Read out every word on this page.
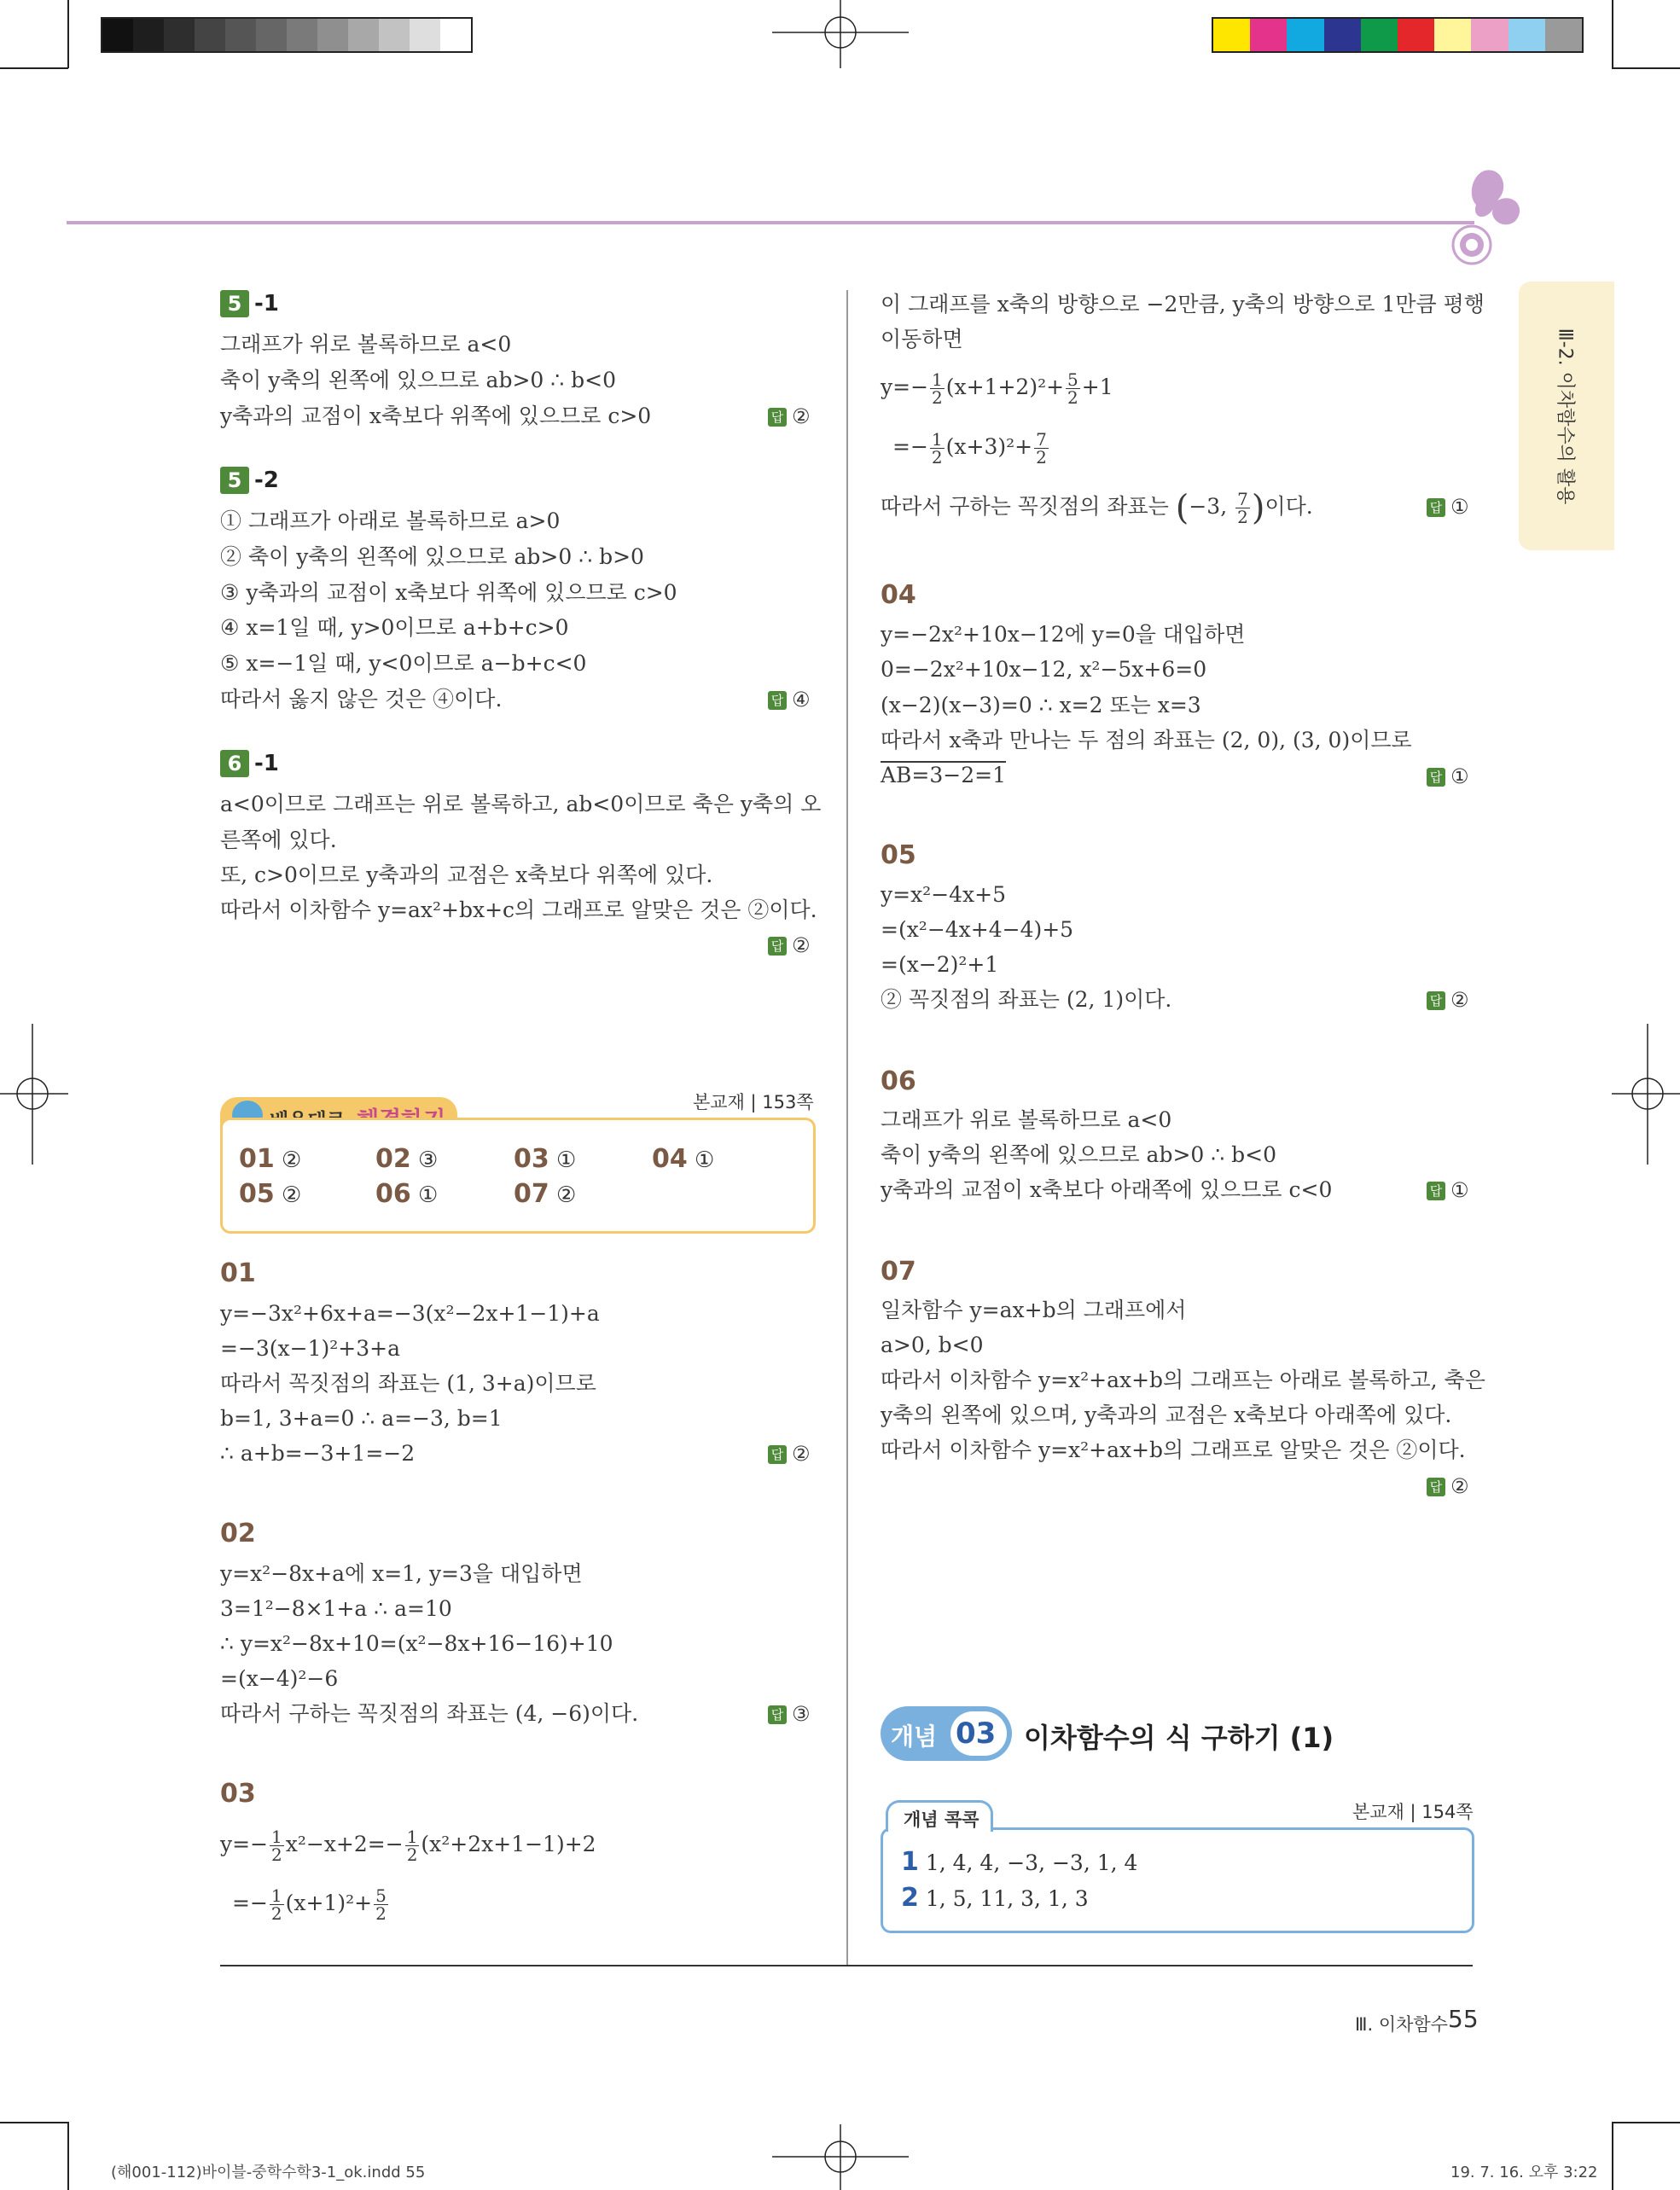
Ⅲ-2. 이차함수의 활용
5 -1
그래프가 위로 볼록하므로 a<0
축이 y축의 왼쪽에 있으므로 ab>0 ∴ b<0
y축과의 교점이 x축보다 위쪽에 있으므로 c>0	답 ②
5 -2
① 그래프가 아래로 볼록하므로 a>0
② 축이 y축의 왼쪽에 있으므로 ab>0 ∴ b>0
③ y축과의 교점이 x축보다 위쪽에 있으므로 c>0
④ x=1일 때, y>0이므로 a+b+c>0
⑤ x=−1일 때, y<0이므로 a−b+c<0
따라서 옳지 않은 것은 ④이다.	답 ④
6 -1
a<0이므로 그래프는 위로 볼록하고, ab<0이므로 축은 y축의 오
른쪽에 있다.
또, c>0이므로 y축과의 교점은 x축보다 위쪽에 있다.
따라서 이차함수 y=ax²+bx+c의 그래프로 알맞은 것은 ②이다.
답 ②
본교재 | 153쪽
01 ②	02 ③	03 ①	04 ①
05 ②	06 ①	07 ②
01
y=−3x²+6x+a=−3(x²−2x+1−1)+a
=−3(x−1)²+3+a
따라서 꼭짓점의 좌표는 (1, 3+a)이므로
b=1, 3+a=0 ∴ a=−3, b=1
∴ a+b=−3+1=−2	답 ②
02
y=x²−8x+a에 x=1, y=3을 대입하면
3=1²−8×1+a ∴ a=10
∴ y=x²−8x+10=(x²−8x+16−16)+10
=(x−4)²−6
따라서 구하는 꼭짓점의 좌표는 (4, −6)이다.	답 ③
03
$y=- \frac{1}{2} x^2-x+2=- \frac{1}{2} (x^2+2x+1-1)+2$
=− $\frac{1}{2} (x+1)^2+ \frac{5}{2}$
이 그래프를 x축의 방향으로 −2만큼, y축의 방향으로 1만큼 평행
이동하면
$y=- \frac{1}{2} (x+1+2)^2+ \frac{5}{2} +1$
=− $\frac{1}{2} (x+3)^2+ \frac{7}{2}$
따라서 구하는 꼭짓점의 좌표는 (−3, $\frac{7}{2}$ )이다.	답 ①
04
y=−2x²+10x−12에 y=0을 대입하면
0=−2x²+10x−12, x²−5x+6=0
(x−2)(x−3)=0 ∴ x=2 또는 x=3
따라서 x축과 만나는 두 점의 좌표는 (2, 0), (3, 0)이므로
AB=3−2=1	답 ①
05
y=x²−4x+5
=(x²−4x+4−4)+5
=(x−2)²+1
② 꼭짓점의 좌표는 (2, 1)이다.	답 ②
06
그래프가 위로 볼록하므로 a<0
축이 y축의 왼쪽에 있으므로 ab>0 ∴ b<0
y축과의 교점이 x축보다 아래쪽에 있으므로 c<0	답 ①
07
일차함수 y=ax+b의 그래프에서
a>0, b<0
따라서 이차함수 y=x²+ax+b의 그래프는 아래로 볼록하고, 축은
y축의 왼쪽에 있으며, y축과의 교점은 x축보다 아래쪽에 있다.
따라서 이차함수 y=x²+ax+b의 그래프로 알맞은 것은 ②이다.
답 ②
개념 03 이차함수의 식 구하기 (1)
본교재 | 154쪽
개념 콕콕
1 1, 4, 4, −3, −3, 1, 4
2 1, 5, 11, 3, 1, 3
Ⅲ. 이차함수 55
(해001-112)바이블-중학수학3-1_ok.indd 55	19. 7. 16. 오후 3:22
